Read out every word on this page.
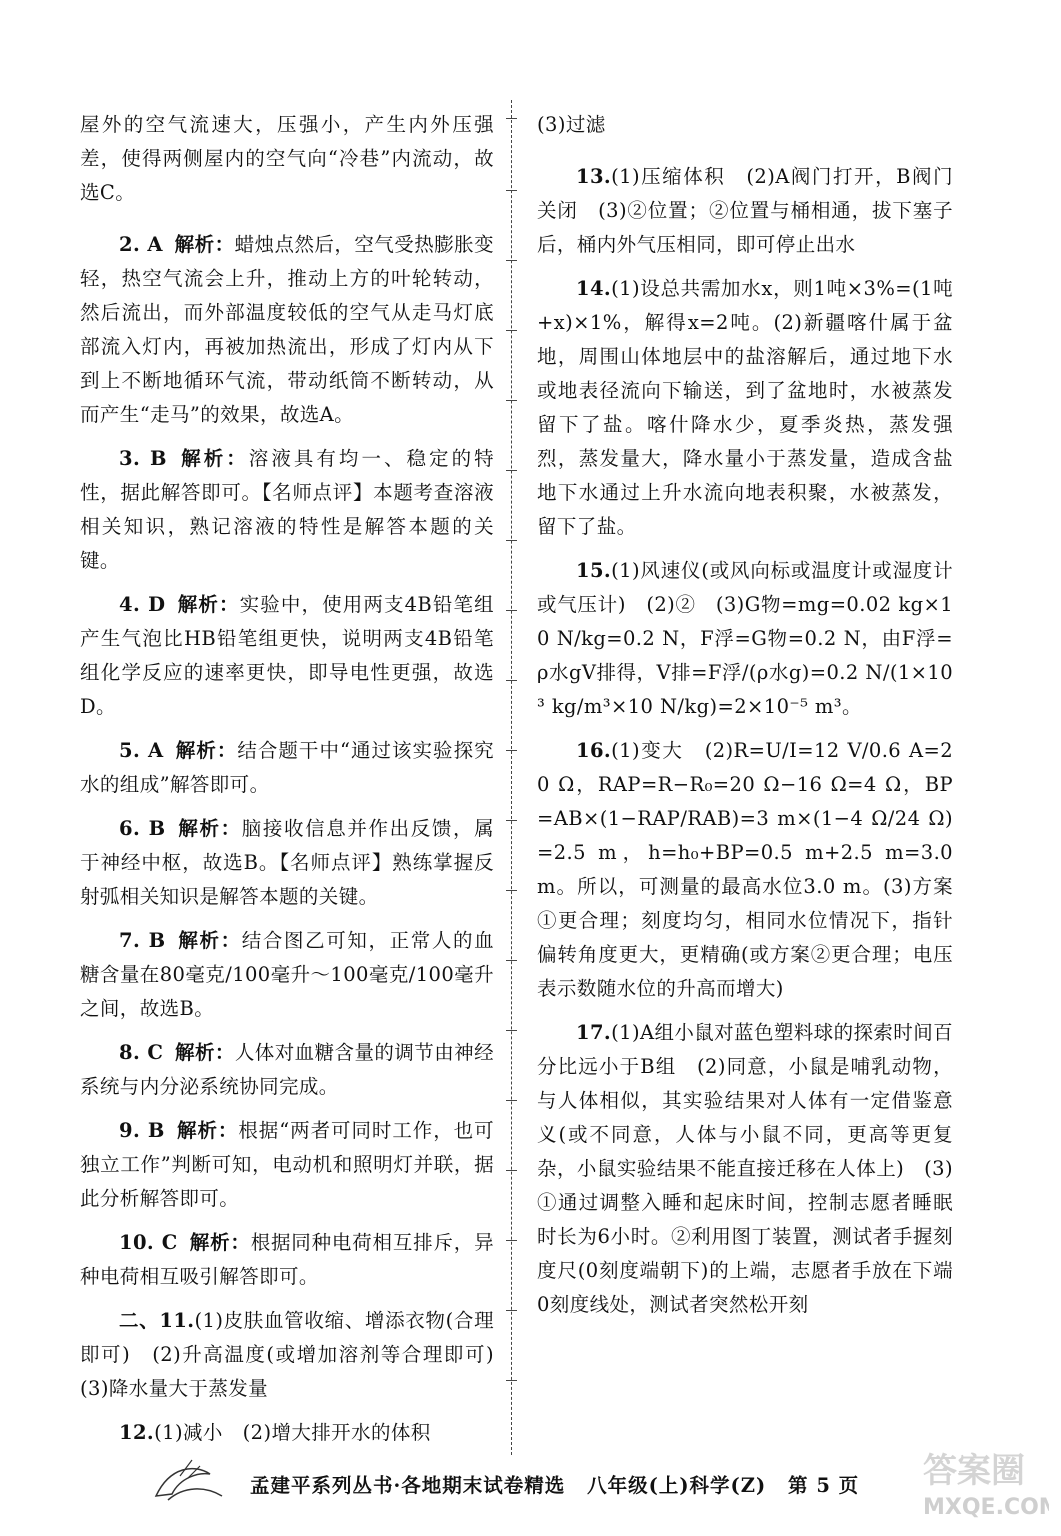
屋外的空气流速大，压强小，产生内外压强差，使得两侧屋内的空气向“冷巷”内流动，故选C。

2. A 解析：蜡烛点然后，空气受热膨胀变轻，热空气流会上升，推动上方的叶轮转动，然后流出，而外部温度较低的空气从走马灯底部流入灯内，再被加热流出，形成了灯内从下到上不断地循环气流，带动纸筒不断转动，从而产生“走马”的效果，故选A。

3. B 解析：溶液具有均一、稳定的特性，据此解答即可。【名师点评】本题考查溶液相关知识，熟记溶液的特性是解答本题的关键。

4. D 解析：实验中，使用两支4B铅笔组产生气泡比HB铅笔组更快，说明两支4B铅笔组化学反应的速率更快，即导电性更强，故选D。

5. A 解析：结合题干中“通过该实验探究水的组成”解答即可。

6. B 解析：脑接收信息并作出反馈，属于神经中枢，故选B。【名师点评】熟练掌握反射弧相关知识是解答本题的关键。

7. B 解析：结合图乙可知，正常人的血糖含量在80毫克/100毫升～100毫克/100毫升之间，故选B。

8. C 解析：人体对血糖含量的调节由神经系统与内分泌系统协同完成。

9. B 解析：根据“两者可同时工作，也可独立工作”判断可知，电动机和照明灯并联，据此分析解答即可。

10. C 解析：根据同种电荷相互排斥，异种电荷相互吸引解答即可。

二、11.(1)皮肤血管收缩、增添衣物(合理即可)　(2)升高温度(或增加溶剂等合理即可)　(3)降水量大于蒸发量

12.(1)减小　(2)增大排开水的体积

(3)过滤

13.(1)压缩体积　(2)A阀门打开，B阀门关闭　(3)②位置；②位置与桶相通，拔下塞子后，桶内外气压相同，即可停止出水

14.(1)设总共需加水x，则1吨×3%=(1吨+x)×1%，解得x=2吨。(2)新疆喀什属于盆地，周围山体地层中的盐溶解后，通过地下水或地表径流向下输送，到了盆地时，水被蒸发留下了盐。喀什降水少，夏季炎热，蒸发强烈，蒸发量大，降水量小于蒸发量，造成含盐地下水通过上升水流向地表积聚，水被蒸发，留下了盐。

15.(1)风速仪(或风向标或温度计或湿度计或气压计)　(2)②　(3)G物=mg=0.02 kg×10 N/kg=0.2 N，F浮=G物=0.2 N，由F浮=ρ水gV排得，V排=F浮/(ρ水g)=0.2 N/(1×10³ kg/m³×10 N/kg)=2×10⁻⁵ m³。

16.(1)变大　(2)R=U/I=12 V/0.6 A=20 Ω，RAP=R−R₀=20 Ω−16 Ω=4 Ω，BP=AB×(1−RAP/RAB)=3 m×(1−4 Ω/24 Ω)=2.5 m，h=h₀+BP=0.5 m+2.5 m=3.0 m。所以，可测量的最高水位3.0 m。(3)方案①更合理；刻度均匀，相同水位情况下，指针偏转角度更大，更精确(或方案②更合理；电压表示数随水位的升高而增大)

17.(1)A组小鼠对蓝色塑料球的探索时间百分比远小于B组　(2)同意，小鼠是哺乳动物，与人体相似，其实验结果对人体有一定借鉴意义(或不同意，人体与小鼠不同，更高等更复杂，小鼠实验结果不能直接迁移在人体上)　(3)①通过调整入睡和起床时间，控制志愿者睡眠时长为6小时。②利用图丁装置，测试者手握刻度尺(0刻度端朝下)的上端，志愿者手放在下端0刻度线处，测试者突然松开刻

孟建平系列丛书·各地期末试卷精选 八年级(上)科学(Z) 第 5 页	答案圈
MXQE.COM
